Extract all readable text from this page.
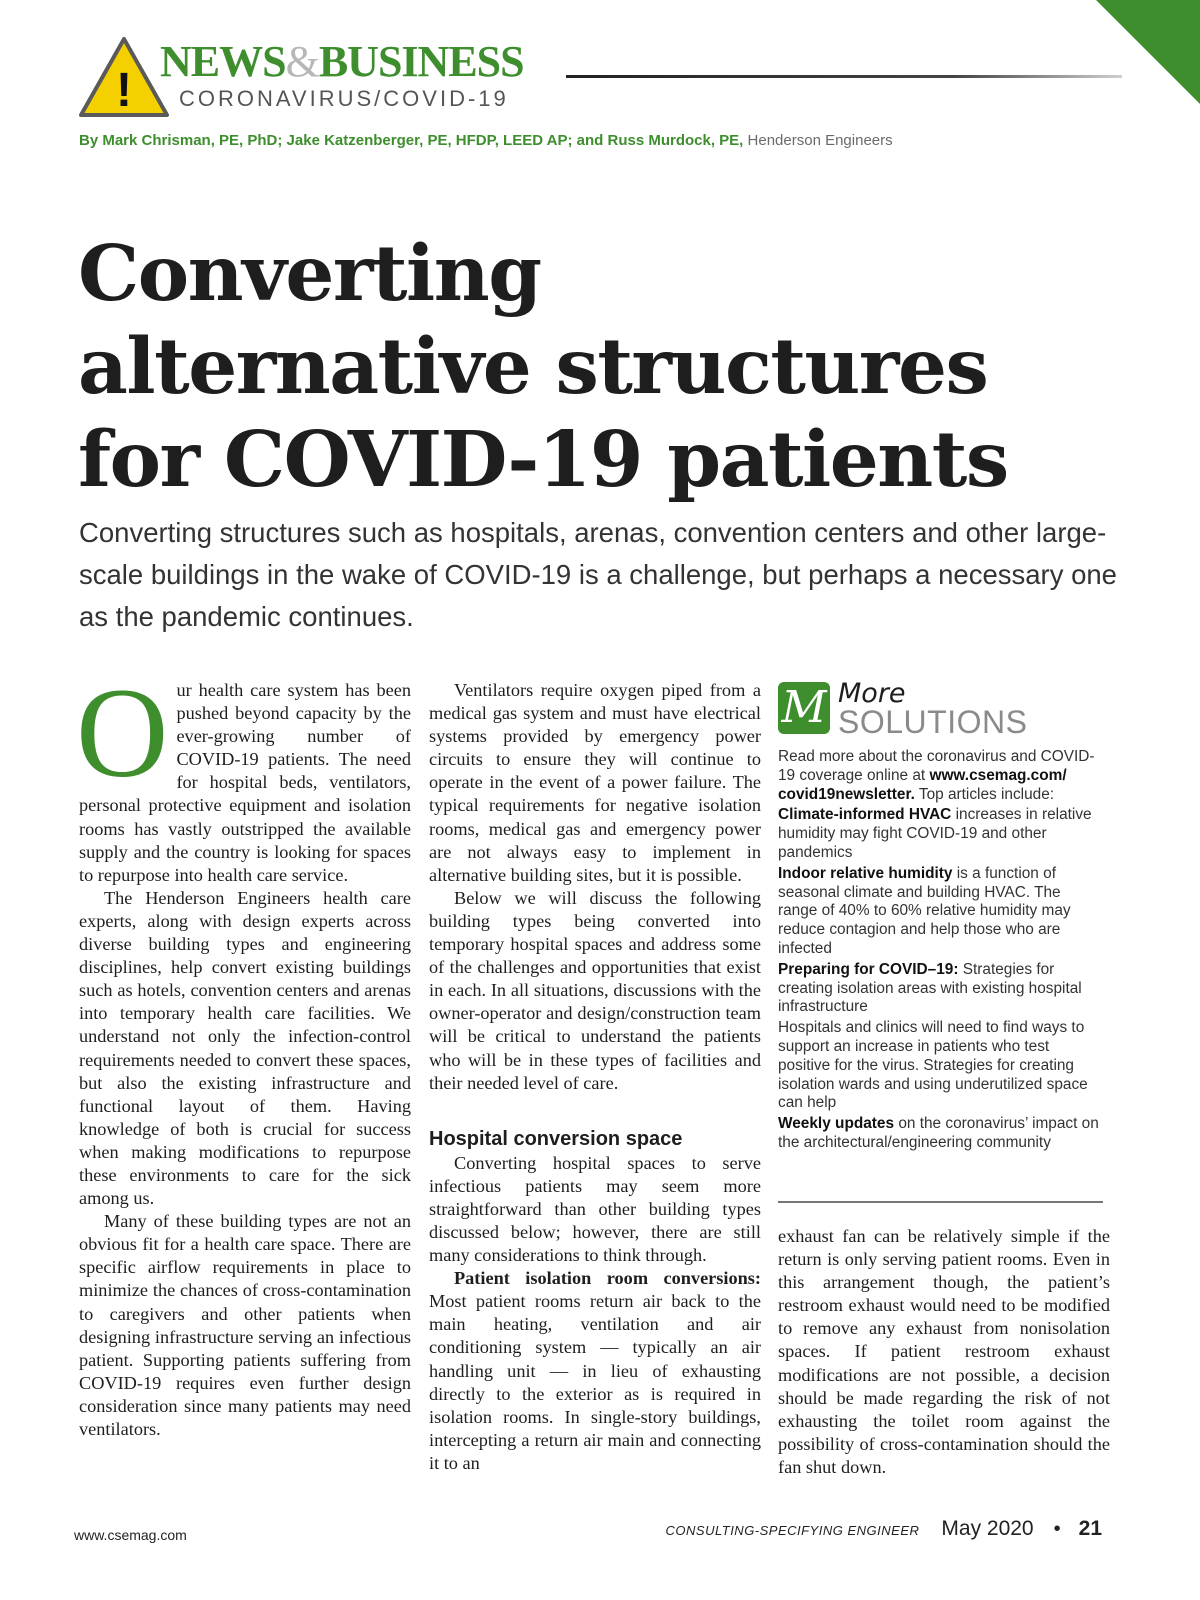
!
NEWS&BUSINESS
CORONAVIRUS/COVID-19
By Mark Chrisman, PE, PhD; Jake Katzenberger, PE, HFDP, LEED AP; and Russ Murdock, PE, Henderson Engineers
Converting
alternative structures
for COVID-19 patients

Converting structures such as hospitals, arenas, convention centers and other large-scale buildings in the wake of COVID-19 is a challenge, but perhaps a necessary one as the pandemic continues.

Our health care system has been pushed beyond capacity by the ever-growing number of COVID-19 patients. The need for hospital beds, ventilators, personal protective equipment and isolation rooms has vastly outstripped the available supply and the country is looking for spaces to repurpose into health care service.

The Henderson Engineers health care experts, along with design experts across diverse building types and engineering disciplines, help convert existing buildings such as hotels, convention centers and arenas into temporary health care facilities. We understand not only the infection-control requirements needed to convert these spaces, but also the existing infrastructure and functional layout of them. Having knowledge of both is crucial for success when making modifications to repurpose these environments to care for the sick among us.

Many of these building types are not an obvious fit for a health care space. There are specific airflow requirements in place to minimize the chances of cross-contamination to caregivers and other patients when designing infrastructure serving an infectious patient. Supporting patients suffering from COVID-19 requires even further design consideration since many patients may need ventilators.

Ventilators require oxygen piped from a medical gas system and must have electrical systems provided by emergency power circuits to ensure they will continue to operate in the event of a power failure. The typical requirements for negative isolation rooms, medical gas and emergency power are not always easy to implement in alternative building sites, but it is possible.

Below we will discuss the following building types being converted into temporary hospital spaces and address some of the challenges and opportunities that exist in each. In all situations, discussions with the owner-operator and design/construction team will be critical to understand the patients who will be in these types of facilities and their needed level of care.

Hospital conversion space

Converting hospital spaces to serve infectious patients may seem more straightforward than other building types discussed below; however, there are still many considerations to think through.

Patient isolation room conversions: Most patient rooms return air back to the main heating, ventilation and air conditioning system — typically an air handling unit — in lieu of exhausting directly to the exterior as is required in isolation rooms. In single-story buildings, intercepting a return air main and connecting it to an

M More
SOLUTIONS

Read more about the coronavirus and COVID-19 coverage online at www.csemag.com/ covid19newsletter. Top articles include:

Climate-informed HVAC increases in relative humidity may fight COVID-19 and other pandemics

Indoor relative humidity is a function of seasonal climate and building HVAC. The range of 40% to 60% relative humidity may reduce contagion and help those who are infected

Preparing for COVID–19: Strategies for creating isolation areas with existing hospital infrastructure

Hospitals and clinics will need to find ways to support an increase in patients who test positive for the virus. Strategies for creating isolation wards and using underutilized space can help

Weekly updates on the coronavirus’ impact on the architectural/engineering community

exhaust fan can be relatively simple if the return is only serving patient rooms. Even in this arrangement though, the patient’s restroom exhaust would need to be modified to remove any exhaust from nonisolation spaces. If patient restroom exhaust modifications are not possible, a decision should be made regarding the risk of not exhausting the toilet room against the possibility of cross-contamination should the fan shut down.

www.csemag.com	CONSULTING-SPECIFYING ENGINEER May 2020 • 21
